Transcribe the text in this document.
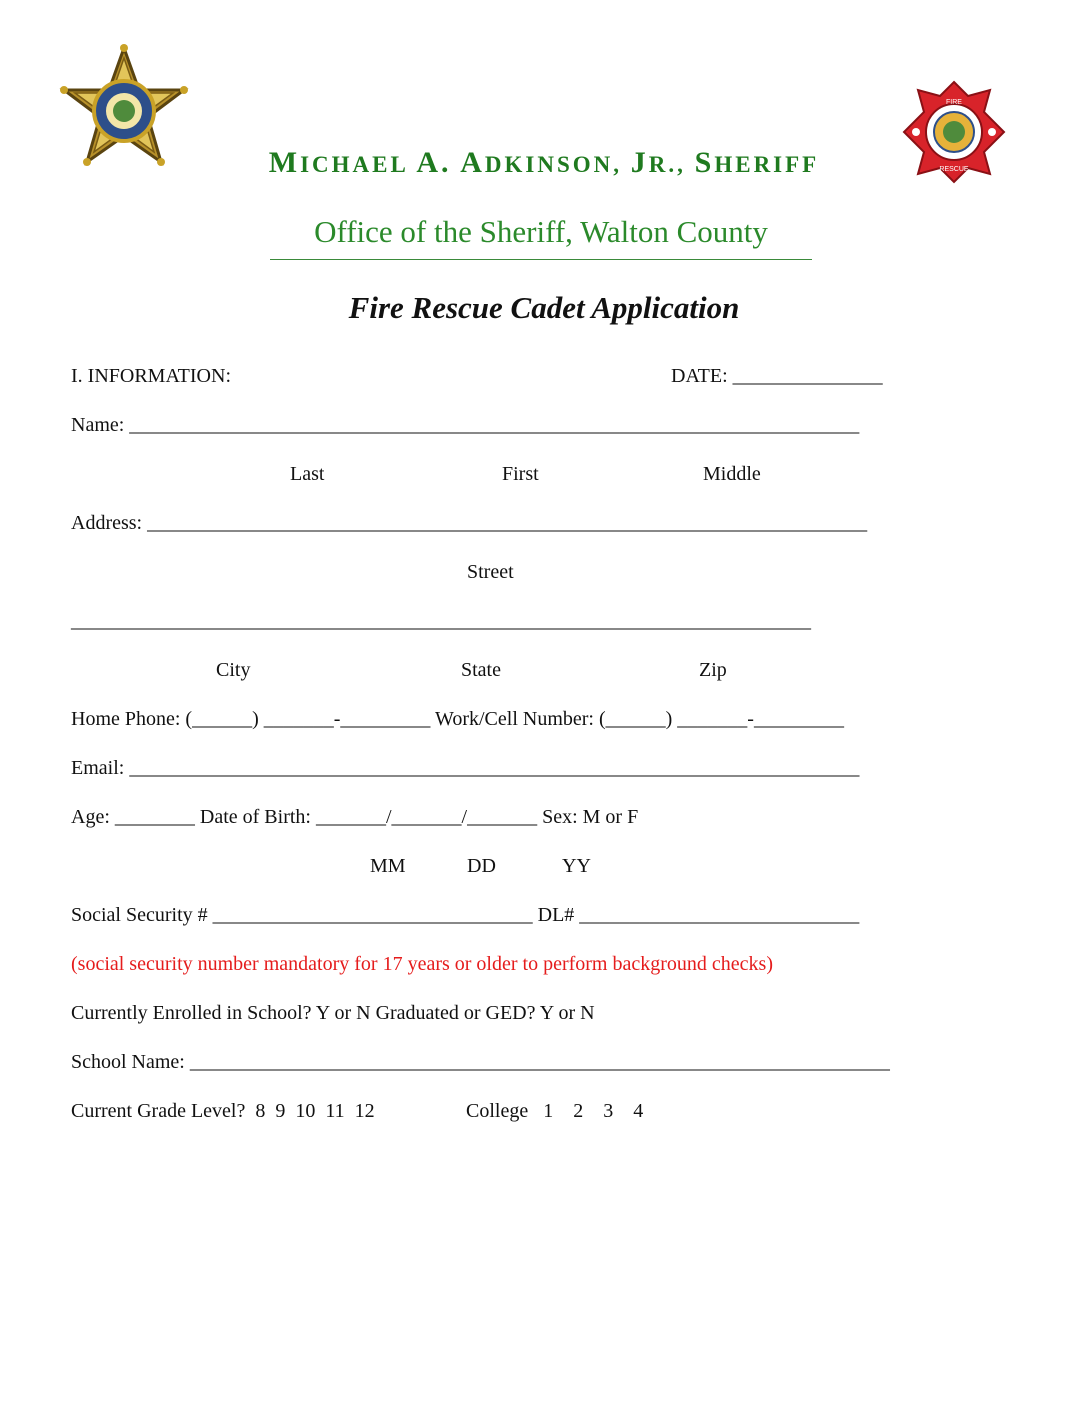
FIRE
RESCUE
MICHAEL A. ADKINSON, JR., SHERIFF
Office of the Sheriff, Walton County
Fire Rescue Cadet Application
I. INFORMATION:	DATE: _______________
Name: _________________________________________________________________________
Last	First	Middle
Address: ________________________________________________________________________
Street
__________________________________________________________________________
City	State	Zip
Home Phone: (______) _______-_________ Work/Cell Number: (______) _______-_________
Email: _________________________________________________________________________
Age: ________ Date of Birth: _______/_______/_______ Sex: M or F
MM	DD	YY
Social Security # ________________________________ DL# ____________________________
(social security number mandatory for 17 years or older to perform background checks)
Currently Enrolled in School? Y or N Graduated or GED? Y or N
School Name: ______________________________________________________________________
Current Grade Level?  8  9  10  11  12	College   1    2    3    4
